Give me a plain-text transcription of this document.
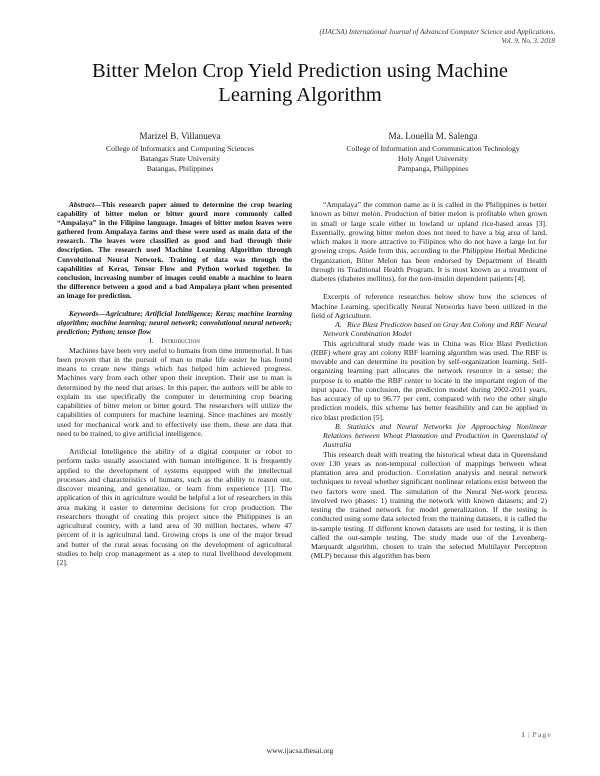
(IJACSA) International Journal of Advanced Computer Science and Applications,
Vol. 9, No. 3, 2018
Bitter Melon Crop Yield Prediction using Machine Learning Algorithm
Marizel B. Villanueva
College of Informatics and Computing Sciences
Batangas State University
Batangas, Philippines
Ma. Louella M. Salenga
College of Information and Communication Technology
Holy Angel University
Pampanga, Philippines

Abstract—This research paper aimed to determine the crop bearing capability of bitter melon or bitter gourd more commonly called “Ampalaya” in the Filipino language. Images of bitter melon leaves were gathered from Ampalaya farms and these were used as main data of the research. The leaves were classified as good and bad through their description. The research used Machine Learning Algorithm through Convolutional Neural Network. Training of data was through the capabilities of Keras, Tensor Flow and Python worked together. In conclusion, increasing number of images could enable a machine to learn the difference between a good and a bad Ampalaya plant when presented an image for prediction.

Keywords—Agriculture; Artificial Intelligence; Keras; machine learning algorithm; machine learning; neural network; convolutional neural network; prediction; Python; tensor flow

I. Introduction

Machines have been very useful to humans from time immemorial. It has been proven that in the pursuit of man to make life easier he has found means to create new things which has helped him achieved progress. Machines vary from each other upon their inception. Their use to man is determined by the need that arises. In this paper, the authors will be able to explain its use specifically the computer in determining crop bearing capabilities of bitter melon or bitter gourd. The researchers will utilize the capabilities of computers for machine learning. Since machines are mostly used for mechanical work and to effectively use them, these are data that need to be trained, to give artificial intelligence.

Artificial Intelligence the ability of a digital computer or robot to perform tasks usually associated with human intelligence. It is frequently applied to the development of systems equipped with the intellectual processes and characteristics of humans, such as the ability to reason out, discover meaning, and generalize, or learn from experience [1]. The application of this in agriculture would be helpful a lot of researchers in this area making it easier to determine decisions for crop production. The researchers thought of creating this project since the Philippines is an agricultural country, with a land area of 30 million hectares, where 47 percent of it is agricultural land. Growing crops is one of the major bread and butter of the rural areas focusing on the development of agricultural studies to help crop management as a step to rural livelihood development [2].

“Ampalaya” the common name as it is called in the Philippines is better known as bitter melon. Production of bitter melon is profitable when grown in small or large scale either in lowland or upland rice-based areas [3]. Essentially, growing bitter melon does not need to have a big area of land, which makes it more attractive to Filipinos who do not have a large lot for growing crops. Aside from this, according to the Philippine Herbal Medicine Organization, Bitter Melon has been endorsed by Department of Health through its Traditional Health Program. It is most known as a treatment of diabetes (diabetes mellitus), for the non-insulin dependent patients [4].

Excerpts of reference researches below show how the sciences of Machine Learning, specifically Neural Networks have been utilized in the field of Agriculture.

A. Rice Blast Prediction based on Gray Ant Colony and RBF Neural Network Combination Model

This agricultural study made was in China was Rice Blast Prediction (RBF) where gray ant colony RBF learning algorithm was used. The RBF is movable and can determine its position by self-organization learning. Self-organizing learning part allocates the network resource in a sense; the purpose is to enable the RBF center to locate in the important region of the input space. The conclusion, the prediction model during 2002-2011 years, has accuracy of up to 96.77 per cent, compared with two the other single prediction models, this scheme has better feasibility and can be applied in rice blast prediction [5].

B. Statistics and Neural Networks for Approaching Nonlinear Relations between Wheat Plantation and Production in Queensland of Australia

This research dealt with treating the historical wheat data in Queensland over 130 years as non-temporal collection of mappings between wheat plantation area and production. Correlation analysis and neural network techniques to reveal whether significant nonlinear relations exist between the two factors were used. The simulation of the Neural Net-work process involved two phases: 1) training the network with known datasets; and 2) testing the trained network for model generalization. If the testing is conducted using some data selected from the training datasets, it is called the in-sample testing. If different known datasets are used for testing, it is then called the out-sample testing. The study made use of the Levenberg-Marquardt algorithm, chosen to train the selected Multilayer Perceptron (MLP) because this algorithm has been

1 | Page
www.ijacsa.thesai.org
